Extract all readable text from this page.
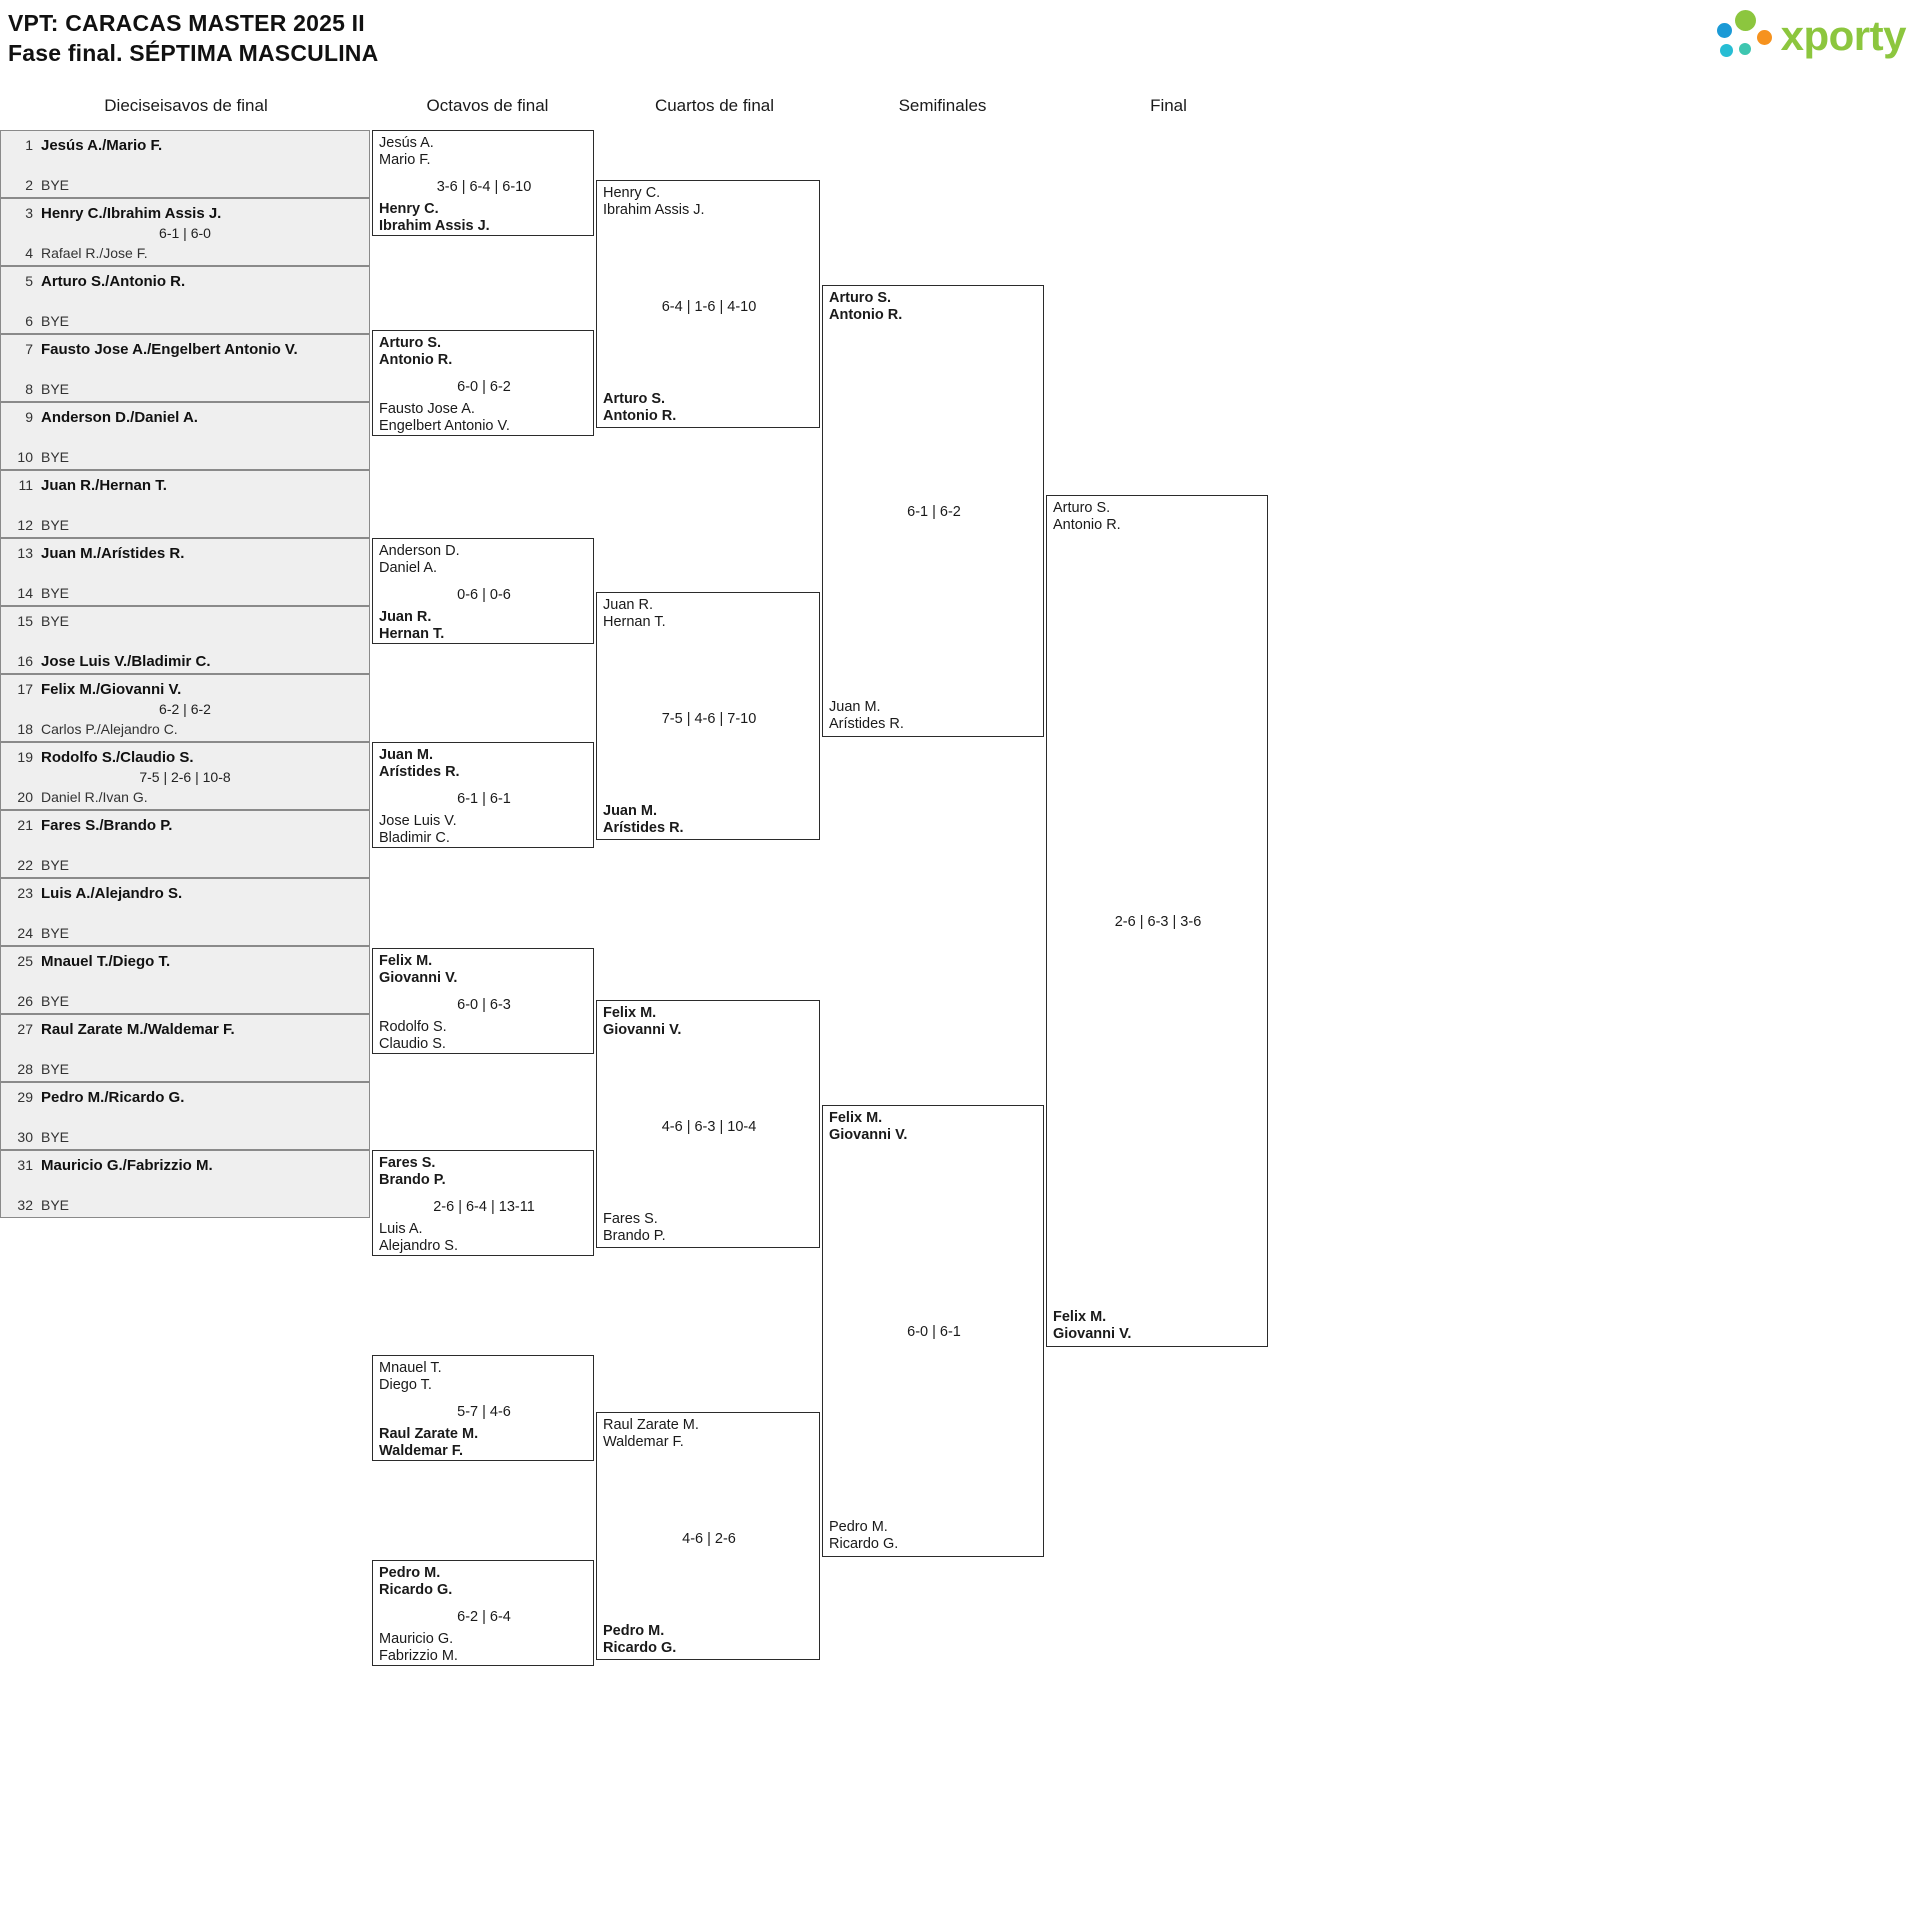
VPT: CARACAS MASTER 2025 II
Fase final. SÉPTIMA MASCULINA	xporty
Dieciseisavos de final	Octavos de final	Cuartos de final	Semifinales	Final
1 Jesús A./Mario F.
2 BYE
3 Henry C./Ibrahim Assis J.
6-1 | 6-0
4 Rafael R./Jose F.
5 Arturo S./Antonio R.
6 BYE
7 Fausto Jose A./Engelbert Antonio V.
8 BYE
9 Anderson D./Daniel A.
10 BYE
11 Juan R./Hernan T.
12 BYE
13 Juan M./Arístides R.
14 BYE
15 BYE
16 Jose Luis V./Bladimir C.
17 Felix M./Giovanni V.
6-2 | 6-2
18 Carlos P./Alejandro C.
19 Rodolfo S./Claudio S.
7-5 | 2-6 | 10-8
20 Daniel R./Ivan G.
21 Fares S./Brando P.
22 BYE
23 Luis A./Alejandro S.
24 BYE
25 Mnauel T./Diego T.
26 BYE
27 Raul Zarate M./Waldemar F.
28 BYE
29 Pedro M./Ricardo G.
30 BYE
31 Mauricio G./Fabrizzio M.
32 BYE
Jesús A.
Mario F.
3-6 | 6-4 | 6-10
Henry C.
Ibrahim Assis J.
Arturo S.
Antonio R.
6-0 | 6-2
Fausto Jose A.
Engelbert Antonio V.
Anderson D.
Daniel A.
0-6 | 0-6
Juan R.
Hernan T.
Juan M.
Arístides R.
6-1 | 6-1
Jose Luis V.
Bladimir C.
Felix M.
Giovanni V.
6-0 | 6-3
Rodolfo S.
Claudio S.
Fares S.
Brando P.
2-6 | 6-4 | 13-11
Luis A.
Alejandro S.
Mnauel T.
Diego T.
5-7 | 4-6
Raul Zarate M.
Waldemar F.
Pedro M.
Ricardo G.
6-2 | 6-4
Mauricio G.
Fabrizzio M.
Henry C.
Ibrahim Assis J.
6-4 | 1-6 | 4-10
Arturo S.
Antonio R.
Juan R.
Hernan T.
7-5 | 4-6 | 7-10
Juan M.
Arístides R.
Felix M.
Giovanni V.
4-6 | 6-3 | 10-4
Fares S.
Brando P.
Raul Zarate M.
Waldemar F.
4-6 | 2-6
Pedro M.
Ricardo G.
Arturo S.
Antonio R.
6-1 | 6-2
Juan M.
Arístides R.
Felix M.
Giovanni V.
6-0 | 6-1
Pedro M.
Ricardo G.
Arturo S.
Antonio R.
2-6 | 6-3 | 3-6
Felix M.
Giovanni V.
